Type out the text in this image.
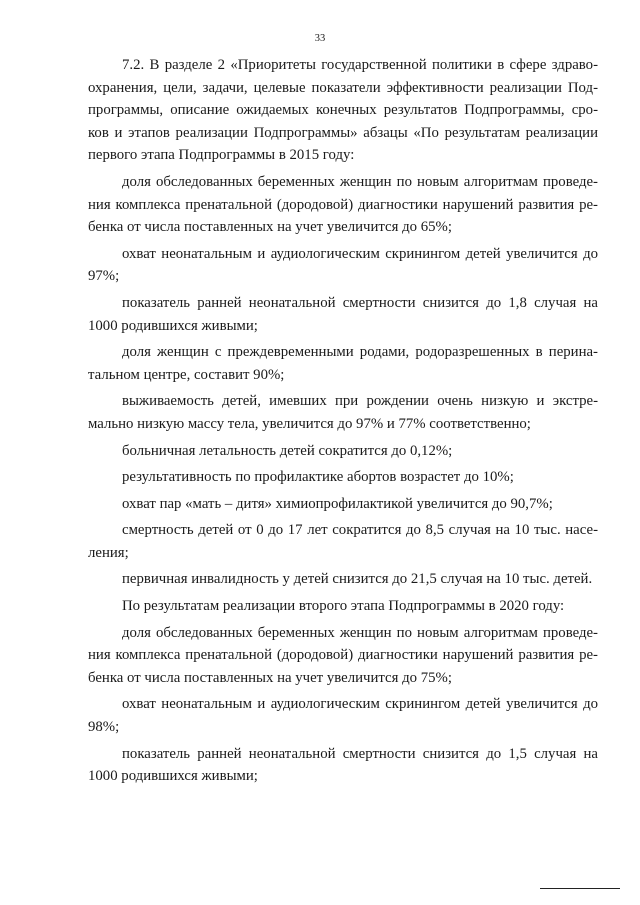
33

7.2. В разделе 2 «Приоритеты государственной политики в сфере здраво-
охранения, цели, задачи, целевые показатели эффективности реализации Под-
программы, описание ожидаемых конечных результатов Подпрограммы, сро-
ков и этапов реализации Подпрограммы» абзацы «По результатам реализации
первого этапа Подпрограммы в 2015 году:

доля обследованных беременных женщин по новым алгоритмам проведе-
ния комплекса пренатальной (дородовой) диагностики нарушений развития ре-
бенка от числа поставленных на учет увеличится до 65%;

охват неонатальным и аудиологическим скринингом детей увеличится до
97%;

показатель ранней неонатальной смертности снизится до 1,8 случая на
1000 родившихся живыми;

доля женщин с преждевременными родами, родоразрешенных в перина-
тальном центре, составит 90%;

выживаемость детей, имевших при рождении очень низкую и экстре-
мально низкую массу тела, увеличится до 97% и 77% соответственно;

больничная летальность детей сократится до 0,12%;

результативность по профилактике абортов возрастет до 10%;

охват пар «мать – дитя» химиопрофилактикой увеличится до 90,7%;

смертность детей от 0 до 17 лет сократится до 8,5 случая на 10 тыс. насе-
ления;

первичная инвалидность у детей снизится до 21,5 случая на 10 тыс. детей.

По результатам реализации второго этапа Подпрограммы в 2020 году:

доля обследованных беременных женщин по новым алгоритмам проведе-
ния комплекса пренатальной (дородовой) диагностики нарушений развития ре-
бенка от числа поставленных на учет увеличится до 75%;

охват неонатальным и аудиологическим скринингом детей увеличится до
98%;

показатель ранней неонатальной смертности снизится до 1,5 случая на
1000 родившихся живыми;
